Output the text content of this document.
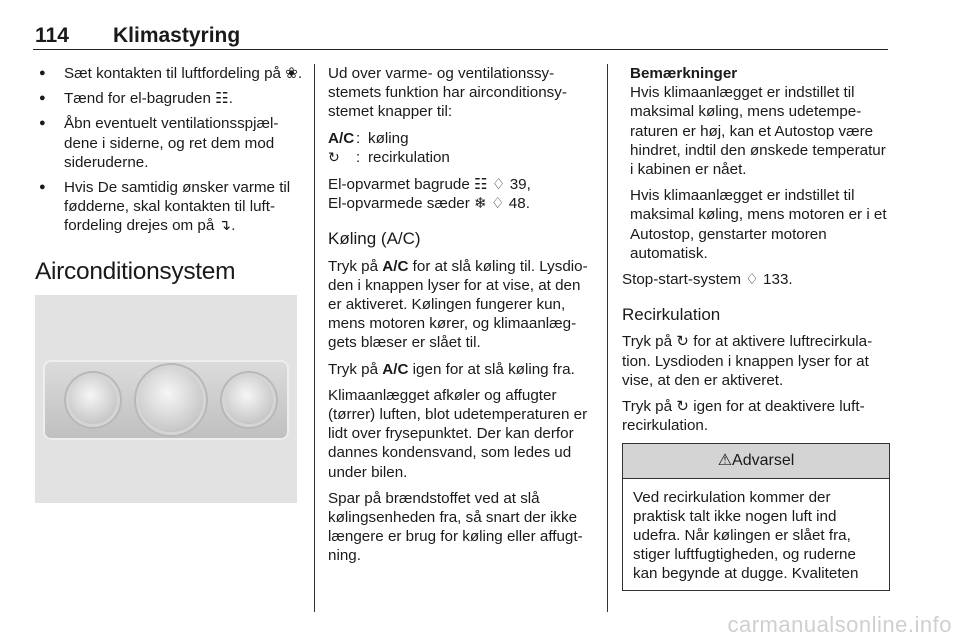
114 Klimastyring
● Sæt kontakten til luftfordeling på ❀.
● Tænd for el-bagruden ☷.
● Åbn eventuelt ventilationsspjældene i siderne, og ret dem mod sideruderne.
● Hvis De samtidig ønsker varme til fødderne, skal kontakten til luftfordeling drejes om på ↴.
Airconditionsystem

Ud over varme- og ventilationssystemets funktion har airconditionsystemet knapper til:

A/C : køling
↻	: recirkulation
El-opvarmet bagrude ☷ ♢ 39,
El-opvarmede sæder ❄ ♢ 48.
Køling (A/C)

Tryk på A/C for at slå køling til. Lysdioden i knappen lyser for at vise, at den er aktiveret. Kølingen fungerer kun, mens motoren kører, og klimaanlæggets blæser er slået til.

Tryk på A/C igen for at slå køling fra.

Klimaanlægget afkøler og affugter (tørrer) luften, blot udetemperaturen er lidt over frysepunktet. Der kan derfor dannes kondensvand, som ledes ud under bilen.

Spar på brændstoffet ved at slå kølingsenheden fra, så snart der ikke længere er brug for køling eller affugtning.

Bemærkninger

Hvis klimaanlægget er indstillet til maksimal køling, mens udetemperaturen er høj, kan et Autostop være hindret, indtil den ønskede temperatur i kabinen er nået.

Hvis klimaanlægget er indstillet til maksimal køling, mens motoren er i et Autostop, genstarter motoren automatisk.

Stop-start-system ♢ 133.

Recirkulation

Tryk på ↻ for at aktivere luftrecirkulation. Lysdioden i knappen lyser for at vise, at den er aktiveret.

Tryk på ↻ igen for at deaktivere luftrecirkulation.

⚠Advarsel
Ved recirkulation kommer der praktisk talt ikke nogen luft ind udefra. Når kølingen er slået fra, stiger luftfugtigheden, og ruderne kan begynde at dugge. Kvaliteten
carmanualsonline.info
